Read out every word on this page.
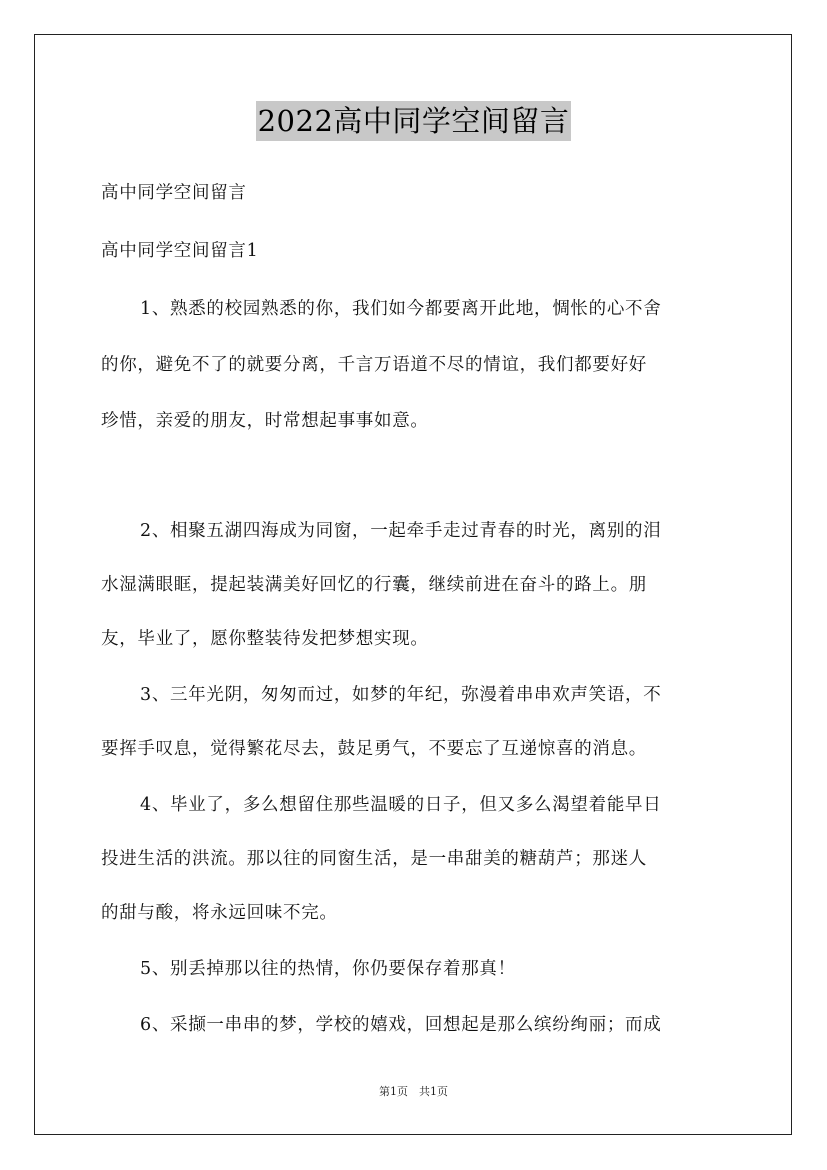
2022高中同学空间留言
高中同学空间留言
高中同学空间留言1
1、熟悉的校园熟悉的你，我们如今都要离开此地，惆怅的心不舍
的你，避免不了的就要分离，千言万语道不尽的情谊，我们都要好好
珍惜，亲爱的朋友，时常想起事事如意。
2、相聚五湖四海成为同窗，一起牵手走过青春的时光，离别的泪
水湿满眼眶，提起装满美好回忆的行囊，继续前进在奋斗的路上。朋
友，毕业了，愿你整装待发把梦想实现。
3、三年光阴，匆匆而过，如梦的年纪，弥漫着串串欢声笑语，不
要挥手叹息，觉得繁花尽去，鼓足勇气，不要忘了互递惊喜的消息。
4、毕业了，多么想留住那些温暖的日子，但又多么渴望着能早日
投进生活的洪流。那以往的同窗生活，是一串甜美的糖葫芦；那迷人
的甜与酸，将永远回味不完。
5、别丢掉那以往的热情，你仍要保存着那真！
6、采撷一串串的梦，学校的嬉戏，回想起是那么缤纷绚丽；而成
第1页　共1页
